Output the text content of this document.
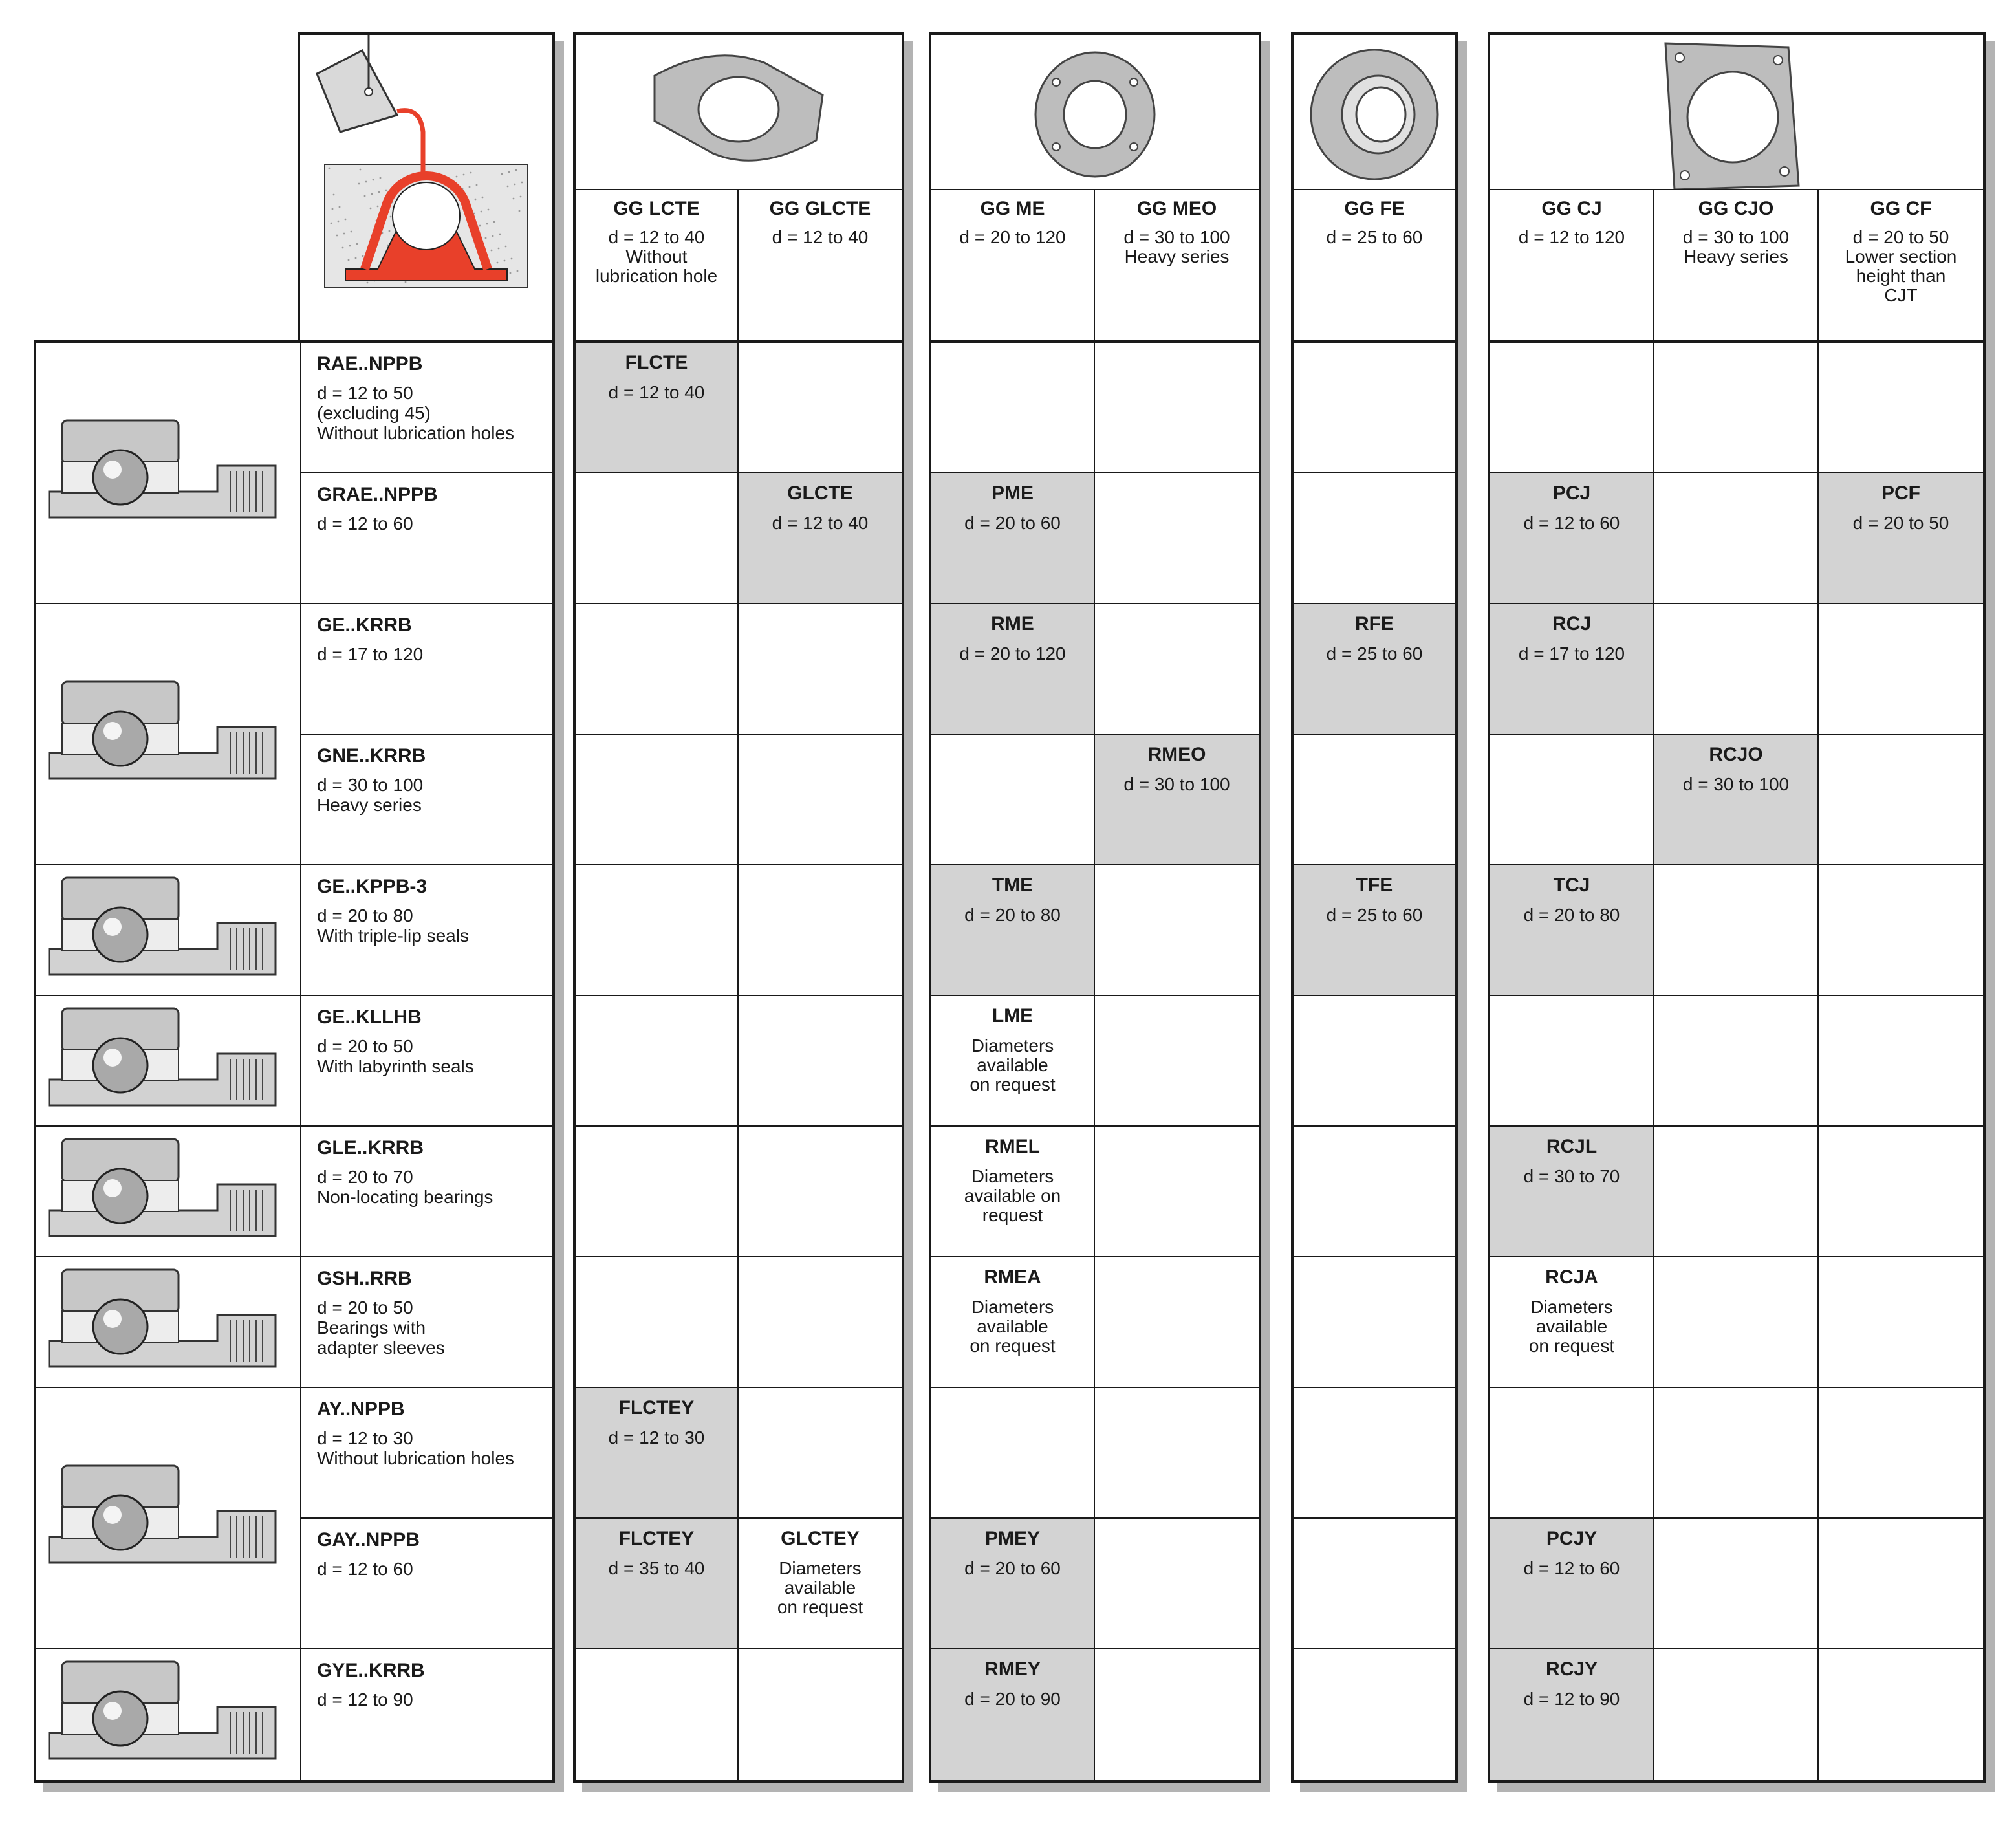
GG LCTE
d = 12 to 40
Without
lubrication hole
GG GLCTE
d = 12 to 40
GG ME
d = 20 to 120
GG MEO
d = 30 to 100
Heavy series
GG FE
d = 25 to 60
GG CJ
d = 12 to 120
GG CJO
d = 30 to 100
Heavy series
GG CF
d = 20 to 50
Lower section
height than
CJT
RAE..NPPB
d = 12 to 50
(excluding 45)
Without lubrication holes
GRAE..NPPB
d = 12 to 60
GE..KRRB
d = 17 to 120
GNE..KRRB
d = 30 to 100
Heavy series
GE..KPPB-3
d = 20 to 80
With triple-lip seals
GE..KLLHB
d = 20 to 50
With labyrinth seals
GLE..KRRB
d = 20 to 70
Non-locating bearings
GSH..RRB
d = 20 to 50
Bearings with
adapter sleeves
AY..NPPB
d = 12 to 30
Without lubrication holes
GAY..NPPB
d = 12 to 60
GYE..KRRB
d = 12 to 90
FLCTE
d = 12 to 40
GLCTE
d = 12 to 40
FLCTEY
d = 12 to 30
FLCTEY
d = 35 to 40
GLCTEY
Diameters
available
on request
PME
d = 20 to 60
RME
d = 20 to 120
RMEO
d = 30 to 100
TME
d = 20 to 80
LME
Diameters
available
on request
RMEL
Diameters
available on
request
RMEA
Diameters
available
on request
PMEY
d = 20 to 60
RMEY
d = 20 to 90
RFE
d = 25 to 60
TFE
d = 25 to 60
PCJ
d = 12 to 60
PCF
d = 20 to 50
RCJ
d = 17 to 120
RCJO
d = 30 to 100
TCJ
d = 20 to 80
RCJL
d = 30 to 70
RCJA
Diameters
available
on request
PCJY
d = 12 to 60
RCJY
d = 12 to 90
